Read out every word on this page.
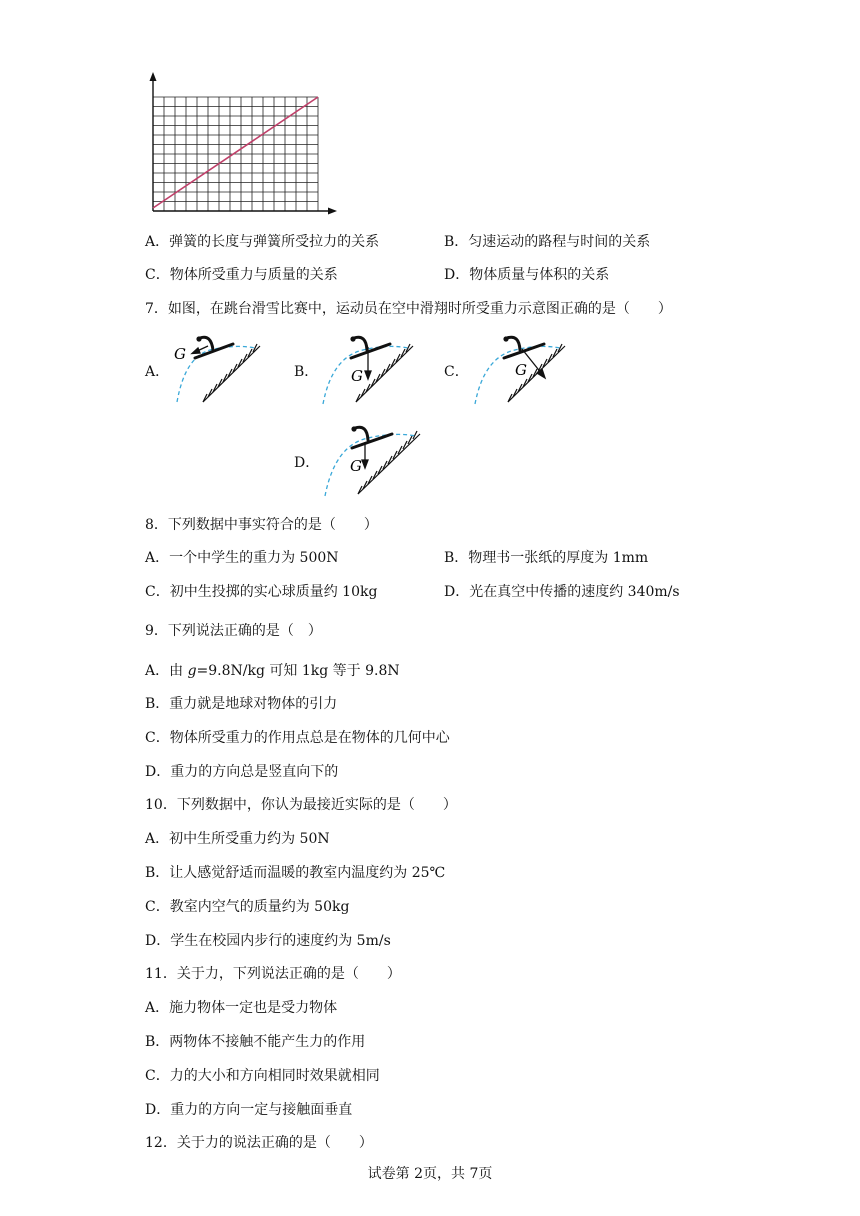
A．弹簧的长度与弹簧所受拉力的关系	B．匀速运动的路程与时间的关系
C．物体所受重力与质量的关系	D．物体质量与体积的关系
7．如图，在跳台滑雪比赛中，运动员在空中滑翔时所受重力示意图正确的是（　　）
A．
G
B． G	C．	G
D． G
8．下列数据中事实符合的是（　　）
A．一个中学生的重力为 500N	B．物理书一张纸的厚度为 1mm
C．初中生投掷的实心球质量约 10kg	D．光在真空中传播的速度约 340m/s
9．下列说法正确的是（　）
A．由 g=9.8N/kg 可知 1kg 等于 9.8N
B．重力就是地球对物体的引力
C．物体所受重力的作用点总是在物体的几何中心
D．重力的方向总是竖直向下的
10．下列数据中，你认为最接近实际的是（　　）
A．初中生所受重力约为 50N
B．让人感觉舒适而温暖的教室内温度约为 25℃
C．教室内空气的质量约为 50kg
D．学生在校园内步行的速度约为 5m/s
11．关于力，下列说法正确的是（　　）
A．施力物体一定也是受力物体
B．两物体不接触不能产生力的作用
C．力的大小和方向相同时效果就相同
D．重力的方向一定与接触面垂直
12．关于力的说法正确的是（　　）
试卷第 2页，共 7页
